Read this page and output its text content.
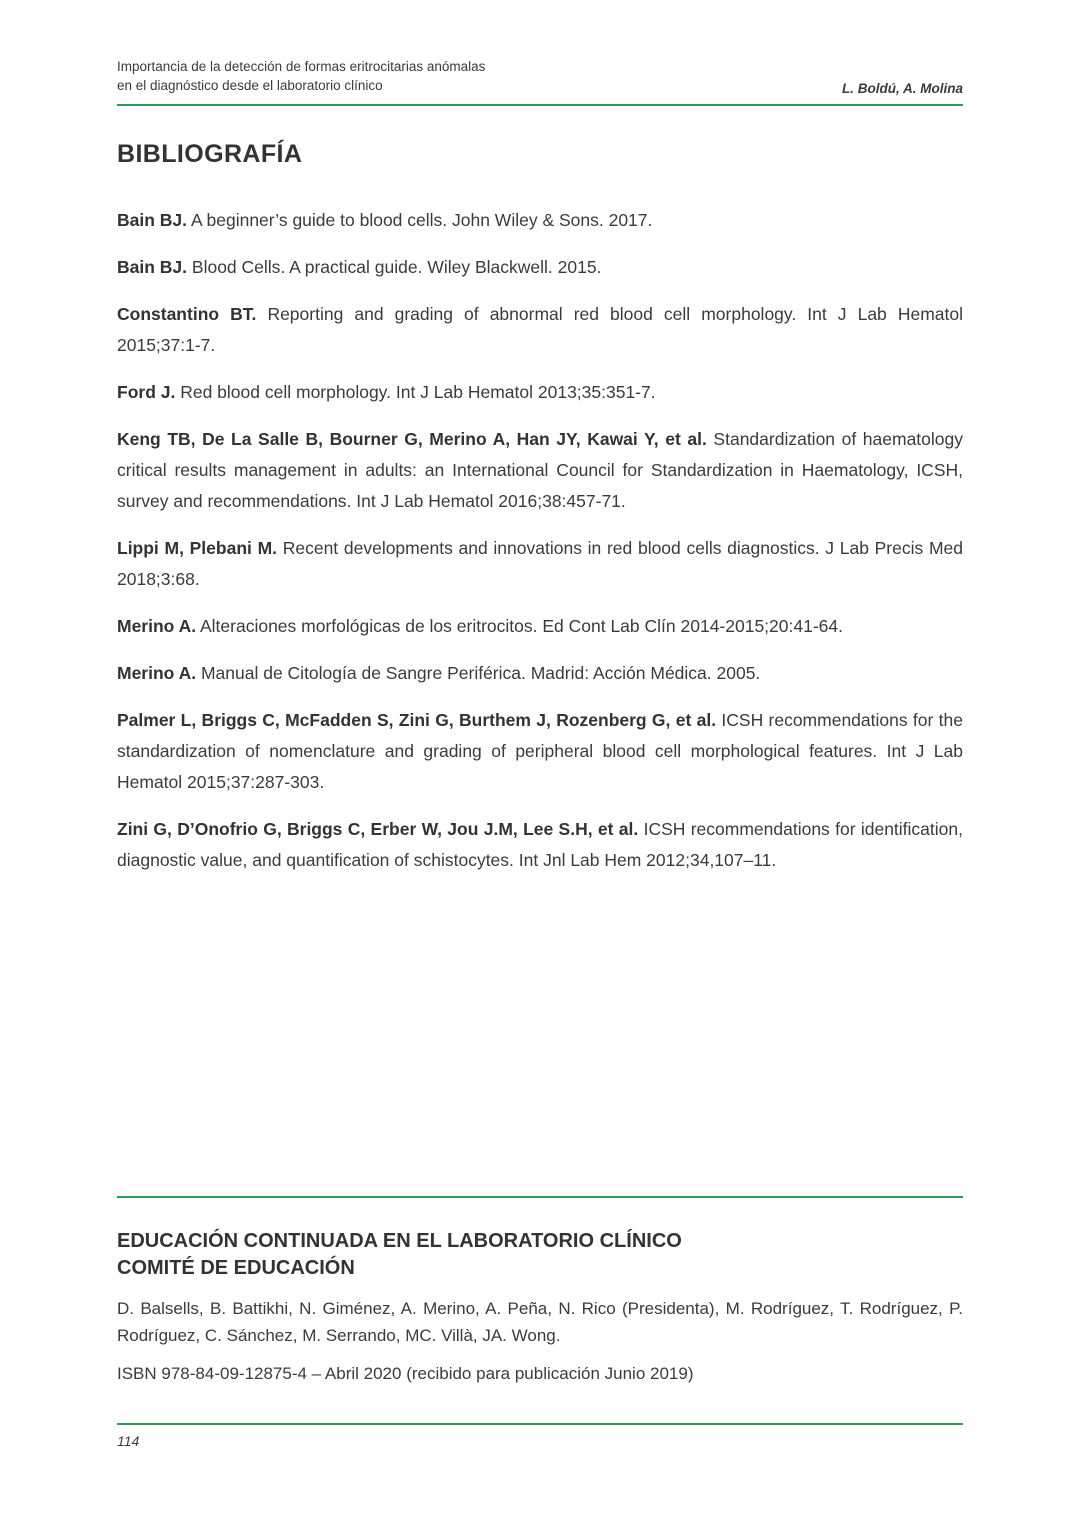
Importancia de la detección de formas eritrocitarias anómalas
en el diagnóstico desde el laboratorio clínico	L. Boldú, A. Molina
BIBLIOGRAFÍA

Bain BJ. A beginner’s guide to blood cells. John Wiley & Sons. 2017.

Bain BJ. Blood Cells. A practical guide. Wiley Blackwell. 2015.

Constantino BT. Reporting and grading of abnormal red blood cell morphology. Int J Lab Hematol 2015;37:1-7.

Ford J. Red blood cell morphology. Int J Lab Hematol 2013;35:351-7.

Keng TB, De La Salle B, Bourner G, Merino A, Han JY, Kawai Y, et al. Standardization of haematology critical results management in adults: an International Council for Standardization in Haematology, ICSH, survey and recommendations. Int J Lab Hematol 2016;38:457-71.

Lippi M, Plebani M. Recent developments and innovations in red blood cells diagnostics. J Lab Precis Med 2018;3:68.

Merino A. Alteraciones morfológicas de los eritrocitos. Ed Cont Lab Clín 2014-2015;20:41-64.

Merino A. Manual de Citología de Sangre Periférica. Madrid: Acción Médica. 2005.

Palmer L, Briggs C, McFadden S, Zini G, Burthem J, Rozenberg G, et al. ICSH recommendations for the standardization of nomenclature and grading of peripheral blood cell morphological features. Int J Lab Hematol 2015;37:287-303.

Zini G, D’Onofrio G, Briggs C, Erber W, Jou J.M, Lee S.H, et al. ICSH recommendations for identification, diagnostic value, and quantification of schistocytes. Int Jnl Lab Hem 2012;34,107–11.

EDUCACIÓN CONTINUADA EN EL LABORATORIO CLÍNICO
COMITÉ DE EDUCACIÓN

D. Balsells, B. Battikhi, N. Giménez, A. Merino, A. Peña, N. Rico (Presidenta), M. Rodríguez, T. Rodríguez, P. Rodríguez, C. Sánchez, M. Serrando, MC. Villà, JA. Wong.

ISBN 978-84-09-12875-4 – Abril 2020 (recibido para publicación Junio 2019)

114
